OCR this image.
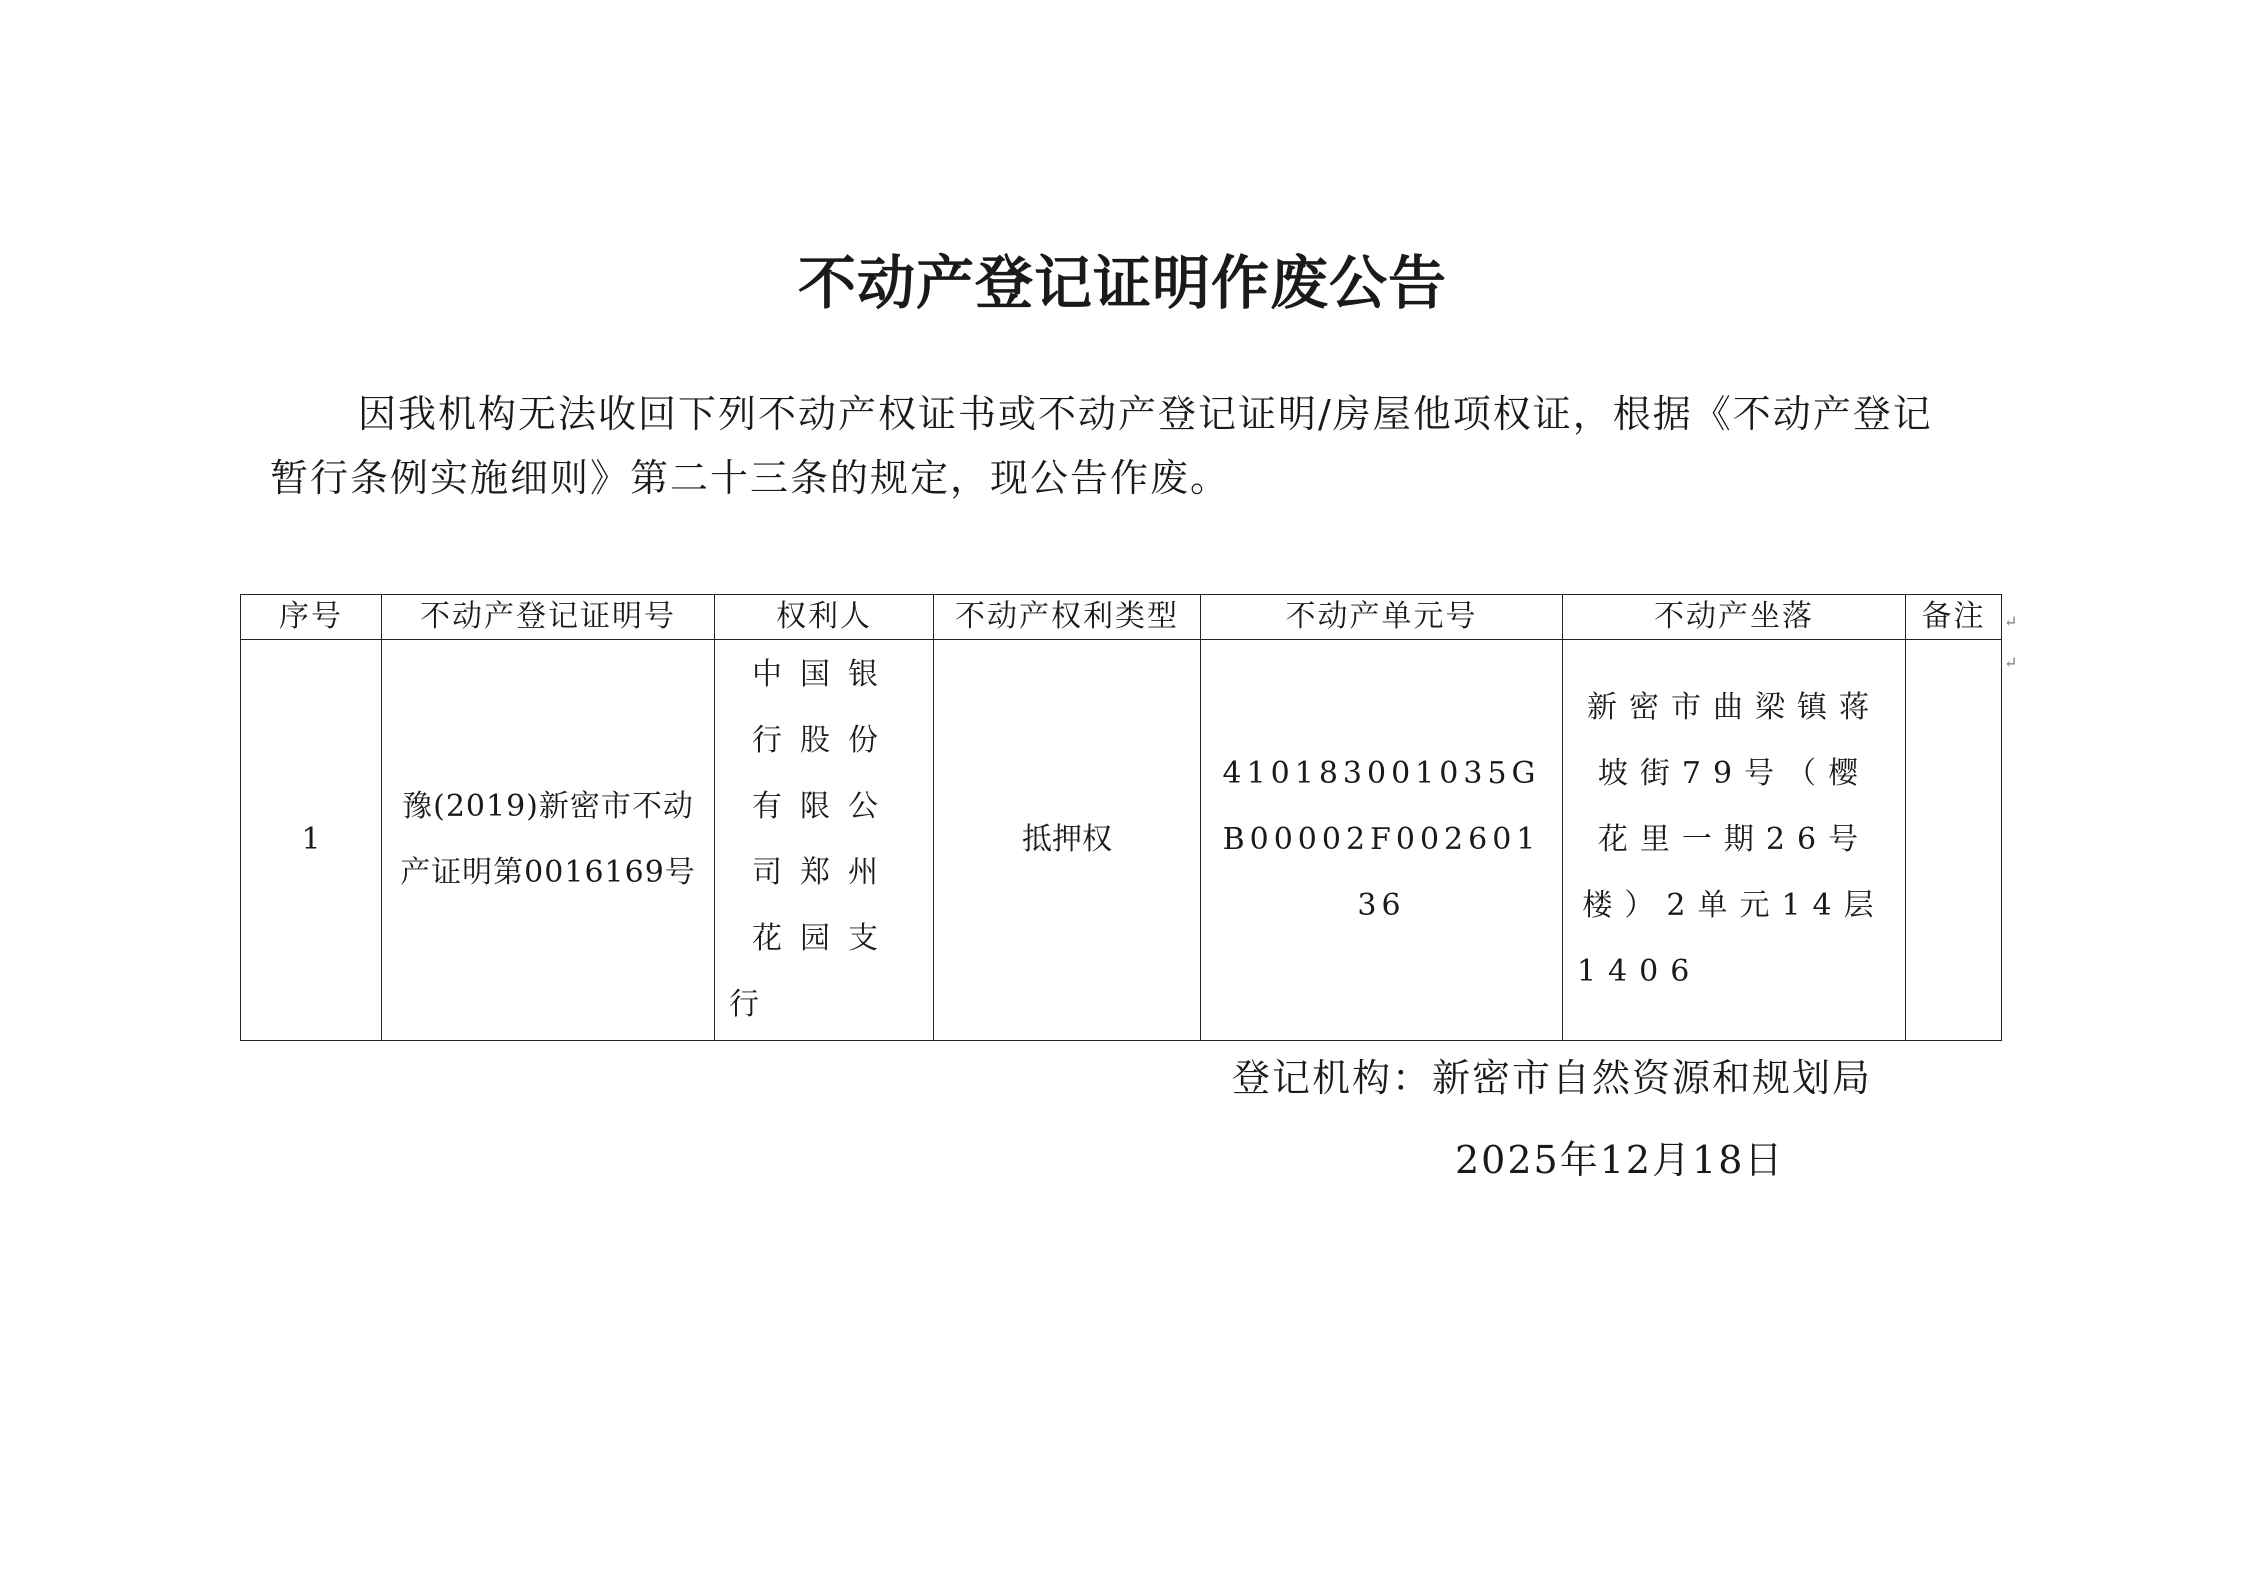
不动产登记证明作废公告

因我机构无法收回下列不动产权证书或不动产登记证明/房屋他项权证，根据《不动产登记暂行条例实施细则》第二十三条的规定，现公告作废。

序号	不动产登记证明号	权利人	不动产权利类型	不动产单元号	不动产坐落	备注
1	豫(2019)新密市不动产证明第0016169号	中国银行股份有限公司郑州花园支行	抵押权	410183001035GB00002F00260136	新密市曲梁镇蒋坡街79号（樱花里一期26号楼）2单元14层1406	
↵
↵
登记机构：新密市自然资源和规划局
2025年12月18日
